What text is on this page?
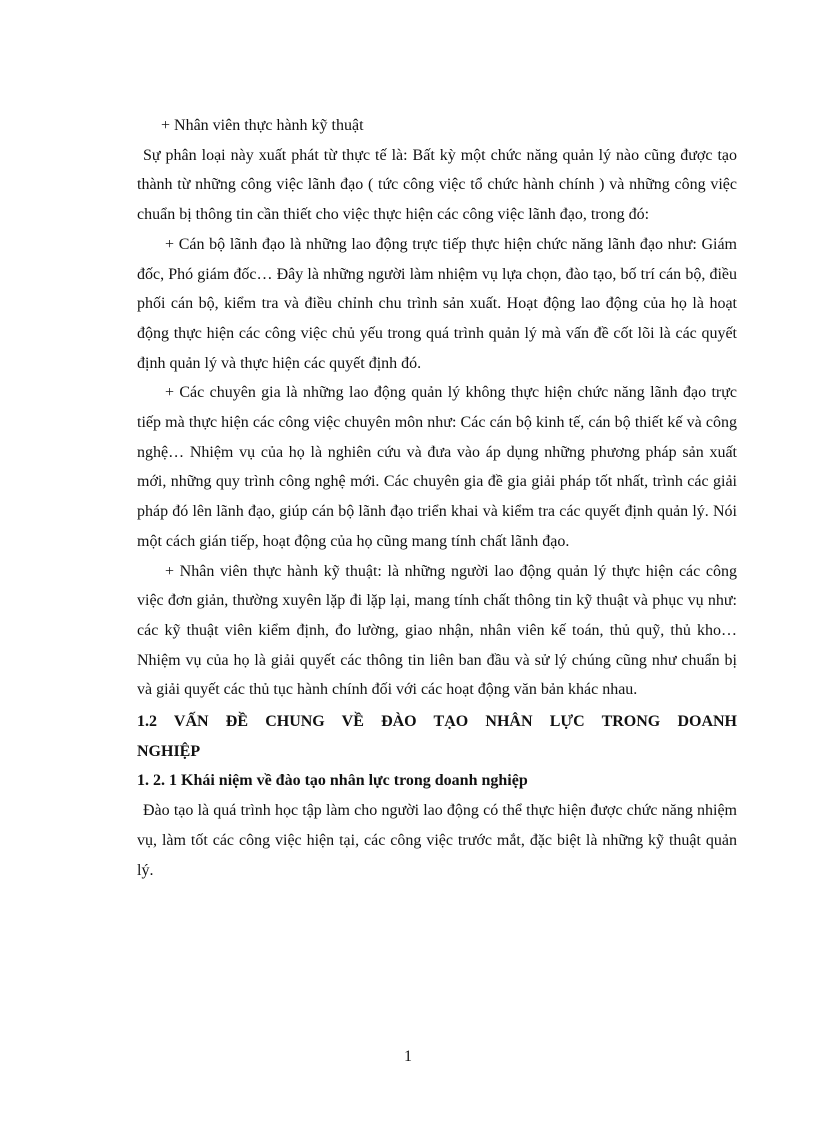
+ Nhân viên thực hành kỹ thuật

Sự phân loại này xuất phát từ thực tế là: Bất kỳ một chức năng quản lý nào cũng được tạo thành từ những công việc lãnh đạo ( tức công việc tổ chức hành chính ) và những công việc chuẩn bị thông tin cần thiết cho việc thực hiện các công việc lãnh đạo, trong đó:

+ Cán bộ lãnh đạo là những lao động trực tiếp thực hiện chức năng lãnh đạo như: Giám đốc, Phó giám đốc… Đây là những người làm nhiệm vụ lựa chọn, đào tạo, bố trí cán bộ, điều phối cán bộ, kiểm tra và điều chỉnh chu trình sản xuất. Hoạt động lao động của họ là hoạt động thực hiện các công việc chủ yếu trong quá trình quản lý mà vấn đề cốt lõi là các quyết định quản lý và thực hiện các quyết định đó.

+ Các chuyên gia là những lao động quản lý không thực hiện chức năng lãnh đạo trực tiếp mà thực hiện các công việc chuyên môn như: Các cán bộ kinh tế, cán bộ thiết kế và công nghệ… Nhiệm vụ của họ là nghiên cứu và đưa vào áp dụng những phương pháp sản xuất mới, những quy trình công nghệ mới. Các chuyên gia đề gia giải pháp tốt nhất, trình các giải pháp đó lên lãnh đạo, giúp cán bộ lãnh đạo triển khai và kiểm tra các quyết định quản lý. Nói một cách gián tiếp, hoạt động của họ cũng mang tính chất lãnh đạo.

+ Nhân viên thực hành kỹ thuật: là những người lao động quản lý thực hiện các công việc đơn giản, thường xuyên lặp đi lặp lại, mang tính chất thông tin kỹ thuật và phục vụ như: các kỹ thuật viên kiểm định, đo lường, giao nhận, nhân viên kế toán, thủ quỹ, thủ kho…Nhiệm vụ của họ là giải quyết các thông tin liên ban đầu và sử lý chúng cũng như chuẩn bị và giải quyết các thủ tục hành chính đối với các hoạt động văn bản khác nhau.

1.2 VẤN ĐỀ CHUNG VỀ ĐÀO TẠO NHÂN LỰC TRONG DOANH

NGHIỆP

1. 2. 1 Khái niệm về đào tạo nhân lực trong doanh nghiệp

Đào tạo là quá trình học tập làm cho người lao động có thể thực hiện được chức năng nhiệm vụ, làm tốt các công việc hiện tại, các công việc trước mắt, đặc biệt là những kỹ thuật quản lý.

1
